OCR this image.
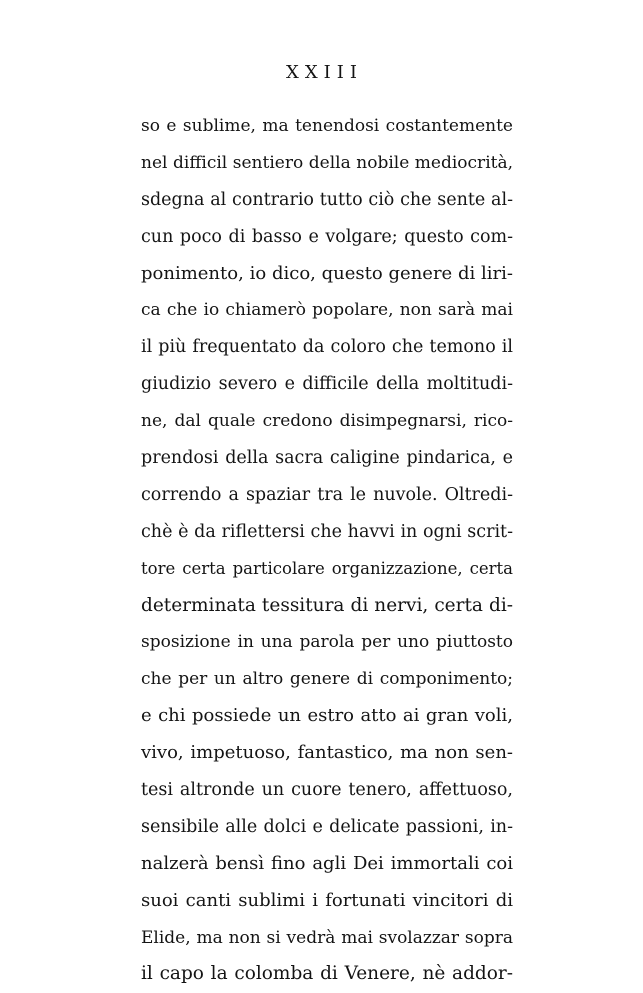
XXIII
so e sublime, ma tenendosi costantemente
nel difficil sentiero della nobile mediocrità,
sdegna al contrario tutto ciò che sente al-
cun poco di basso e volgare; questo com-
ponimento, io dico, questo genere di liri-
ca che io chiamerò popolare, non sarà mai
il più frequentato da coloro che temono il
giudizio severo e difficile della moltitudi-
ne, dal quale credono disimpegnarsi, rico-
prendosi della sacra caligine pindarica, e
correndo a spaziar tra le nuvole. Oltredi-
chè è da riflettersi che havvi in ogni scrit-
tore certa particolare organizzazione, certa
determinata tessitura di nervi, certa di-
sposizione in una parola per uno piuttosto
che per un altro genere di componimento;
e chi possiede un estro atto ai gran voli,
vivo, impetuoso, fantastico, ma non sen-
tesi altronde un cuore tenero, affettuoso,
sensibile alle dolci e delicate passioni, in-
nalzerà bensì fino agli Dei immortali coi
suoi canti sublimi i fortunati vincitori di
Elide, ma non si vedrà mai svolazzar sopra
il capo la colomba di Venere, nè addor-
